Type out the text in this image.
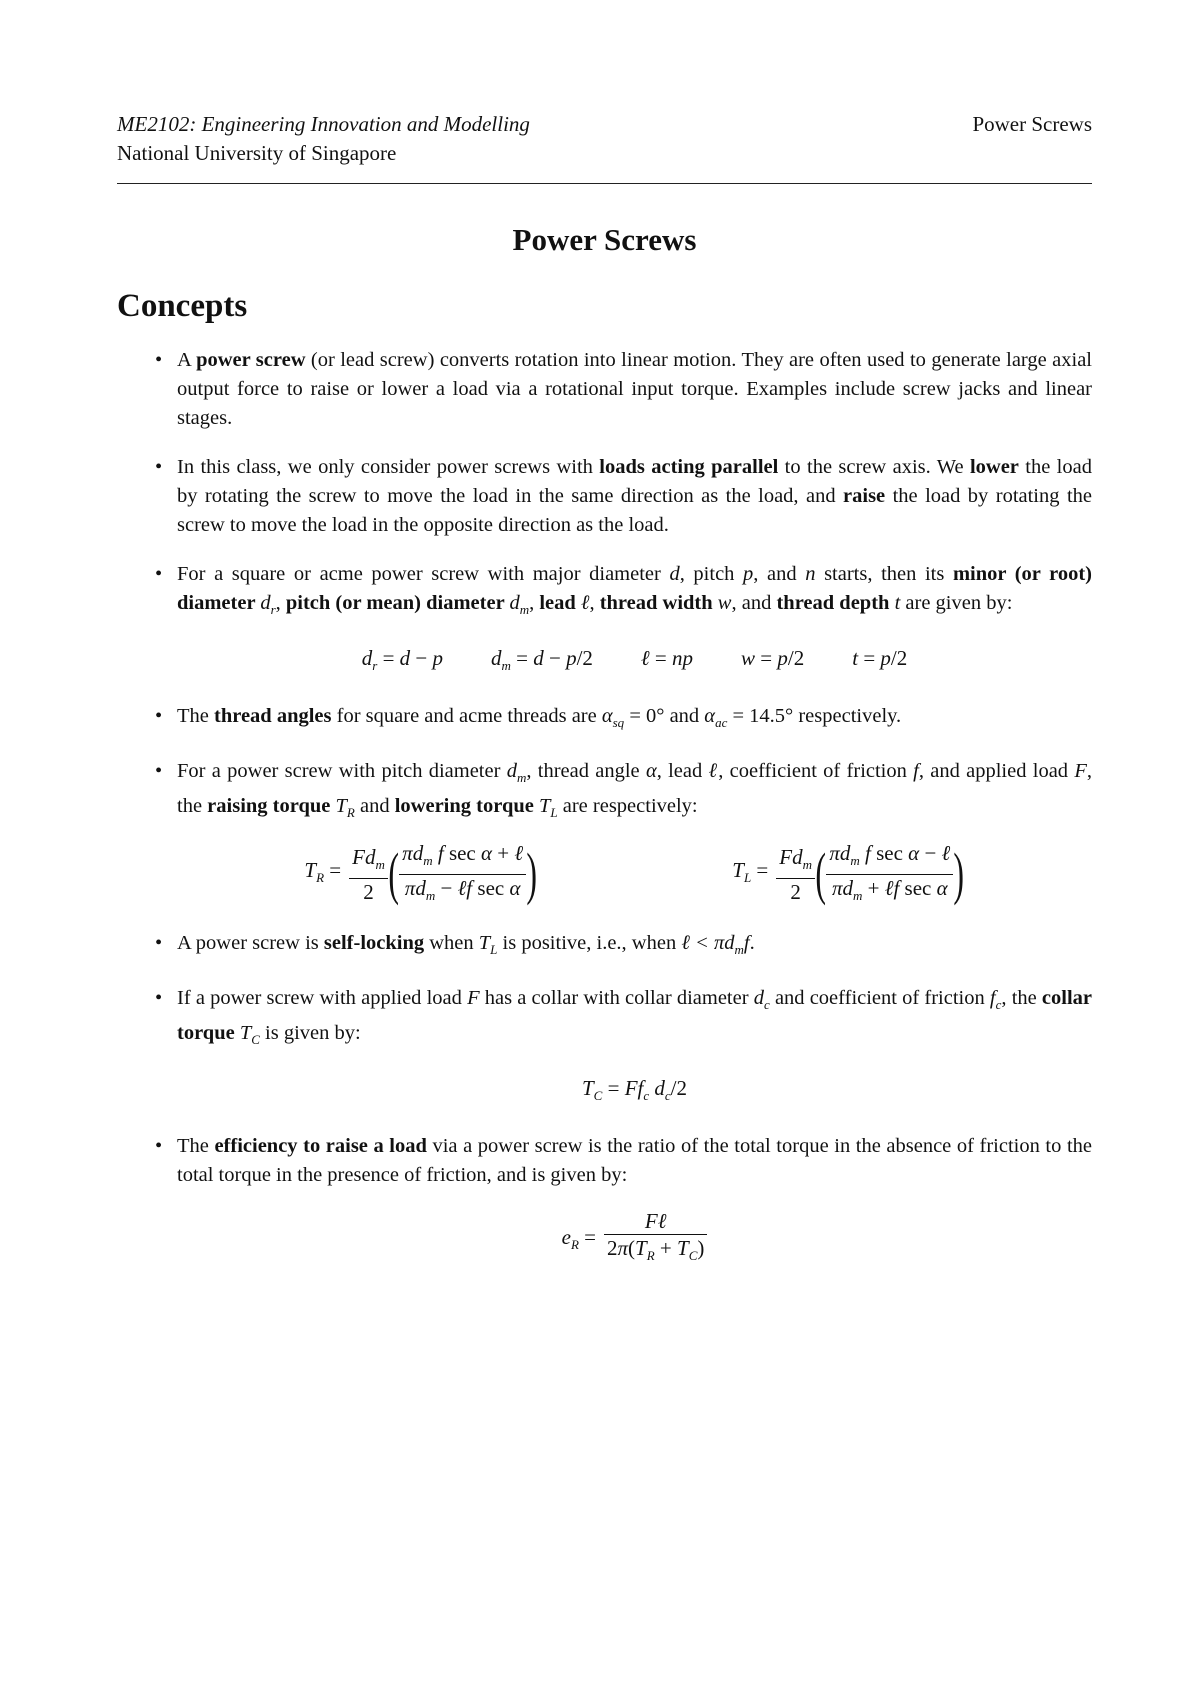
ME2102: Engineering Innovation and Modelling	Power Screws
National University of Singapore
Power Screws
Concepts
• A power screw (or lead screw) converts rotation into linear motion. They are often used to generate large axial output force to raise or lower a load via a rotational input torque. Examples include screw jacks and linear stages.
• In this class, we only consider power screws with loads acting parallel to the screw axis. We lower the load by rotating the screw to move the load in the same direction as the load, and raise the load by rotating the screw to move the load in the opposite direction as the load.
• For a square or acme power screw with major diameter d, pitch p, and n starts, then its minor (or root) diameter $d_r$, pitch (or mean) diameter $d_m$, lead ℓ, thread width w, and thread depth t are given by:
$d_r = d - p$ $d_m = d - p/2$ ℓ = np w = p/2 t = p/2
• The thread angles for square and acme threads are $\alpha_{sq} = 0^\circ$ and $\alpha_{ac} = 14.5^\circ$ respectively.
• For a power screw with pitch diameter $d_m$, thread angle α, lead ℓ, coefficient of friction f, and applied load F, the raising torque $T_R$ and lowering torque $T_L$ are respectively:
$T_R = \frac{Fd_m}{2}$ ( $\frac{\pi d_m f \sec \alpha + \ell}{\pi d_m - \ell f \sec \alpha}$ )	$T_L = \frac{Fd_m}{2}$ ( $\frac{\pi d_m f \sec \alpha - \ell}{\pi d_m + \ell f \sec \alpha}$ )
• A power screw is self-locking when $T_L$ is positive, i.e., when ℓ < $\pi d_mf$.
• If a power screw with applied load F has a collar with collar diameter $d_c$ and coefficient of friction $f_c$, the collar torque $T_C$ is given by:
$T_C = Ff_c$ $d_c/2$
• The efficiency to raise a load via a power screw is the ratio of the total torque in the absence of friction to the total torque in the presence of friction, and is given by:
$e_R = \frac{\text{Fℓ}}{2\pi(T_R + T_C)}$
